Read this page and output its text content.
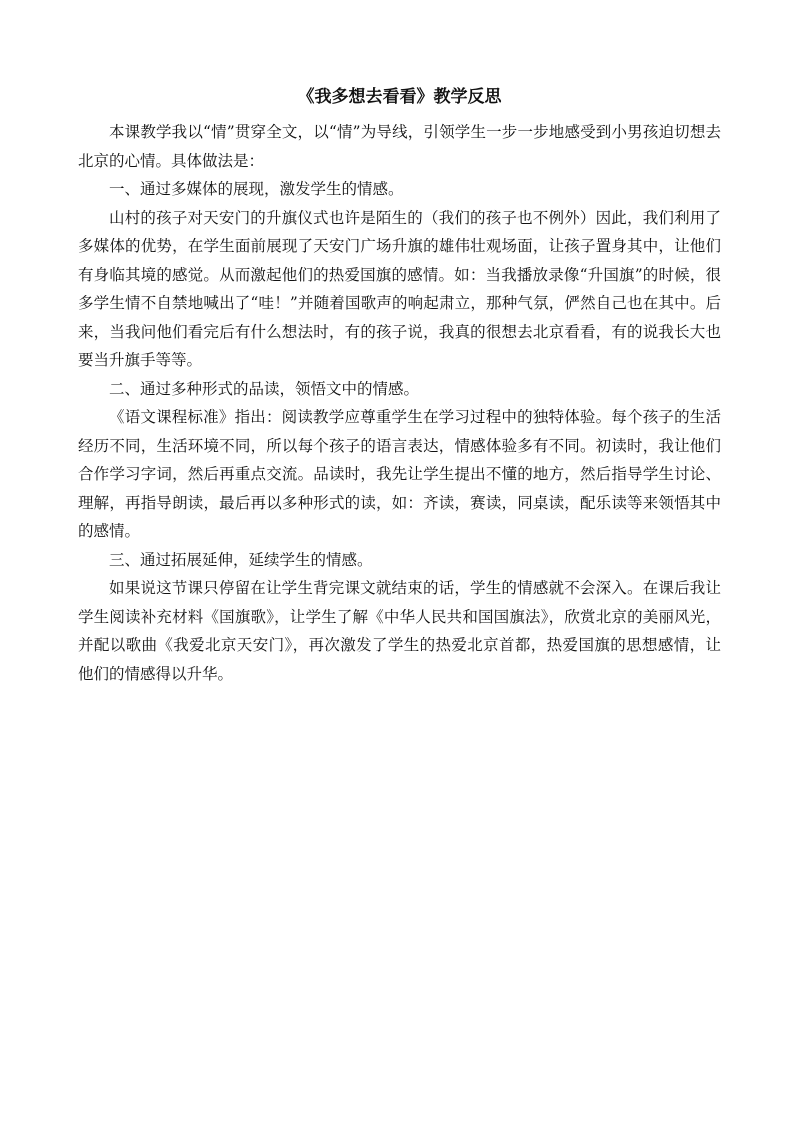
《我多想去看看》教学反思

本课教学我以“情”贯穿全文，以“情”为导线，引领学生一步一步地感受到小男孩迫切想去北京的心情。具体做法是：

一、通过多媒体的展现，激发学生的情感。

山村的孩子对天安门的升旗仪式也许是陌生的（我们的孩子也不例外）因此，我们利用了多媒体的优势，在学生面前展现了天安门广场升旗的雄伟壮观场面，让孩子置身其中，让他们有身临其境的感觉。从而激起他们的热爱国旗的感情。如：当我播放录像“升国旗”的时候，很多学生情不自禁地喊出了“哇！”并随着国歌声的响起肃立，那种气氛，俨然自己也在其中。后来，当我问他们看完后有什么想法时，有的孩子说，我真的很想去北京看看，有的说我长大也要当升旗手等等。

二、通过多种形式的品读，领悟文中的情感。

《语文课程标准》指出：阅读教学应尊重学生在学习过程中的独特体验。每个孩子的生活经历不同，生活环境不同，所以每个孩子的语言表达，情感体验多有不同。初读时，我让他们合作学习字词，然后再重点交流。品读时，我先让学生提出不懂的地方，然后指导学生讨论、理解，再指导朗读，最后再以多种形式的读，如：齐读，赛读，同桌读，配乐读等来领悟其中的感情。

三、通过拓展延伸，延续学生的情感。

如果说这节课只停留在让学生背完课文就结束的话，学生的情感就不会深入。在课后我让学生阅读补充材料《国旗歌》，让学生了解《中华人民共和国国旗法》，欣赏北京的美丽风光，并配以歌曲《我爱北京天安门》，再次激发了学生的热爱北京首都，热爱国旗的思想感情，让他们的情感得以升华。
